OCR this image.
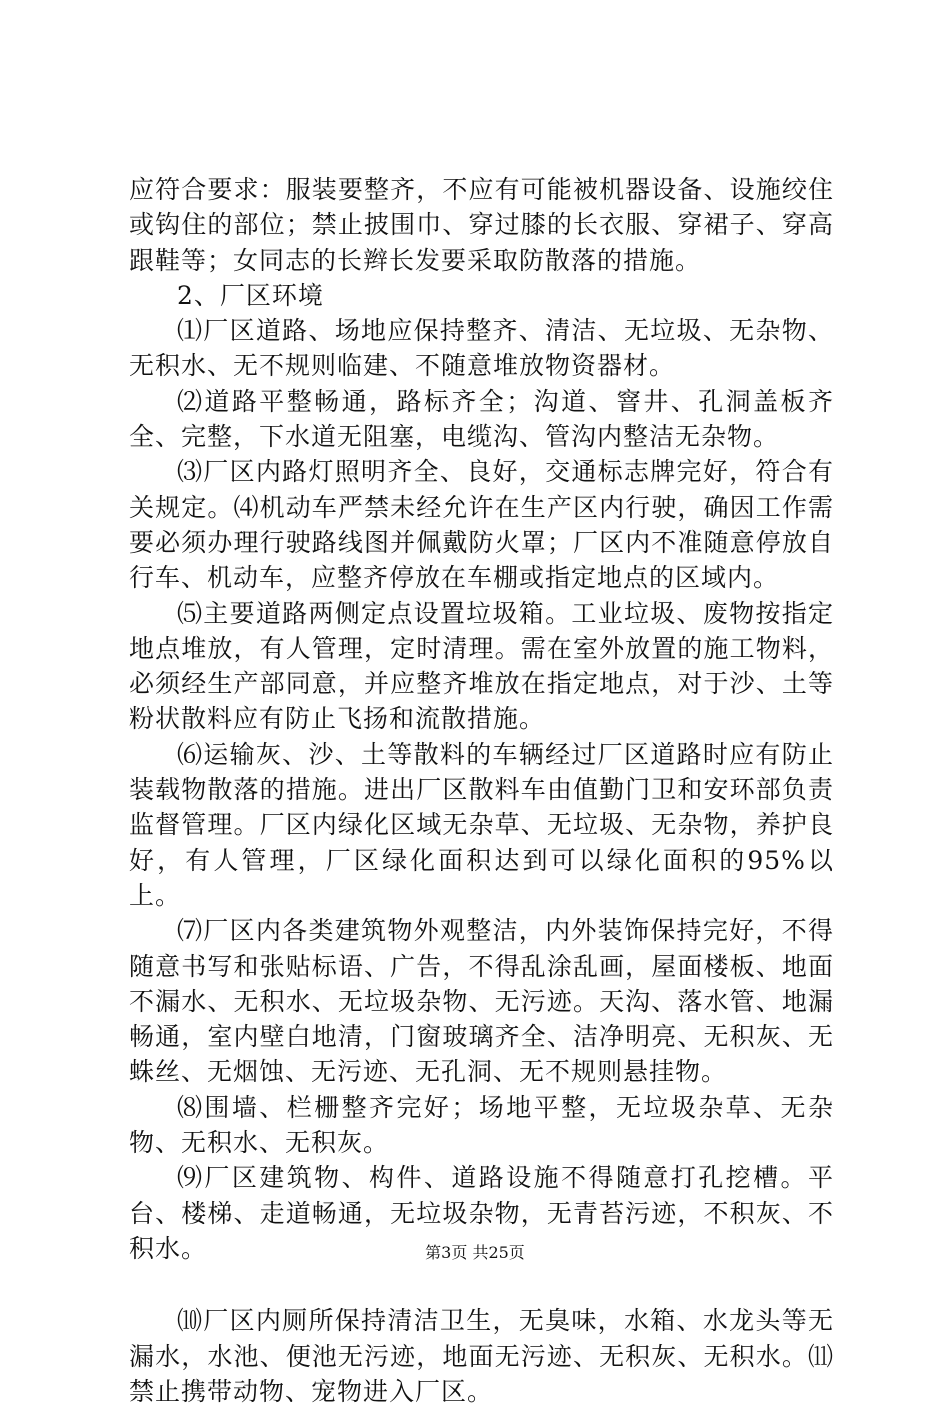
应符合要求：服装要整齐，不应有可能被机器设备、设施绞住或钩住的部位；禁止披围巾、穿过膝的长衣服、穿裙子、穿高跟鞋等；女同志的长辫长发要采取防散落的措施。

2、厂区环境

⑴厂区道路、场地应保持整齐、清洁、无垃圾、无杂物、无积水、无不规则临建、不随意堆放物资器材。

⑵道路平整畅通，路标齐全；沟道、窨井、孔洞盖板齐全、完整，下水道无阻塞，电缆沟、管沟内整洁无杂物。

⑶厂区内路灯照明齐全、良好，交通标志牌完好，符合有关规定。⑷机动车严禁未经允许在生产区内行驶，确因工作需要必须办理行驶路线图并佩戴防火罩；厂区内不准随意停放自行车、机动车，应整齐停放在车棚或指定地点的区域内。

⑸主要道路两侧定点设置垃圾箱。工业垃圾、废物按指定地点堆放，有人管理，定时清理。需在室外放置的施工物料，必须经生产部同意，并应整齐堆放在指定地点，对于沙、土等粉状散料应有防止飞扬和流散措施。

⑹运输灰、沙、土等散料的车辆经过厂区道路时应有防止装载物散落的措施。进出厂区散料车由值勤门卫和安环部负责监督管理。厂区内绿化区域无杂草、无垃圾、无杂物，养护良好，有人管理，厂区绿化面积达到可以绿化面积的95%以上。

⑺厂区内各类建筑物外观整洁，内外装饰保持完好，不得随意书写和张贴标语、广告，不得乱涂乱画，屋面楼板、地面不漏水、无积水、无垃圾杂物、无污迹。天沟、落水管、地漏畅通，室内壁白地清，门窗玻璃齐全、洁净明亮、无积灰、无蛛丝、无烟蚀、无污迹、无孔洞、无不规则悬挂物。

⑻围墙、栏栅整齐完好；场地平整，无垃圾杂草、无杂物、无积水、无积灰。

⑼厂区建筑物、构件、道路设施不得随意打孔挖槽。平台、楼梯、走道畅通，无垃圾杂物，无青苔污迹，不积灰、不积水。

⑽厂区内厕所保持清洁卫生，无臭味，水箱、水龙头等无漏水，水池、便池无污迹，地面无污迹、无积灰、无积水。⑾禁止携带动物、宠物进入厂区。

第3页 共25页
